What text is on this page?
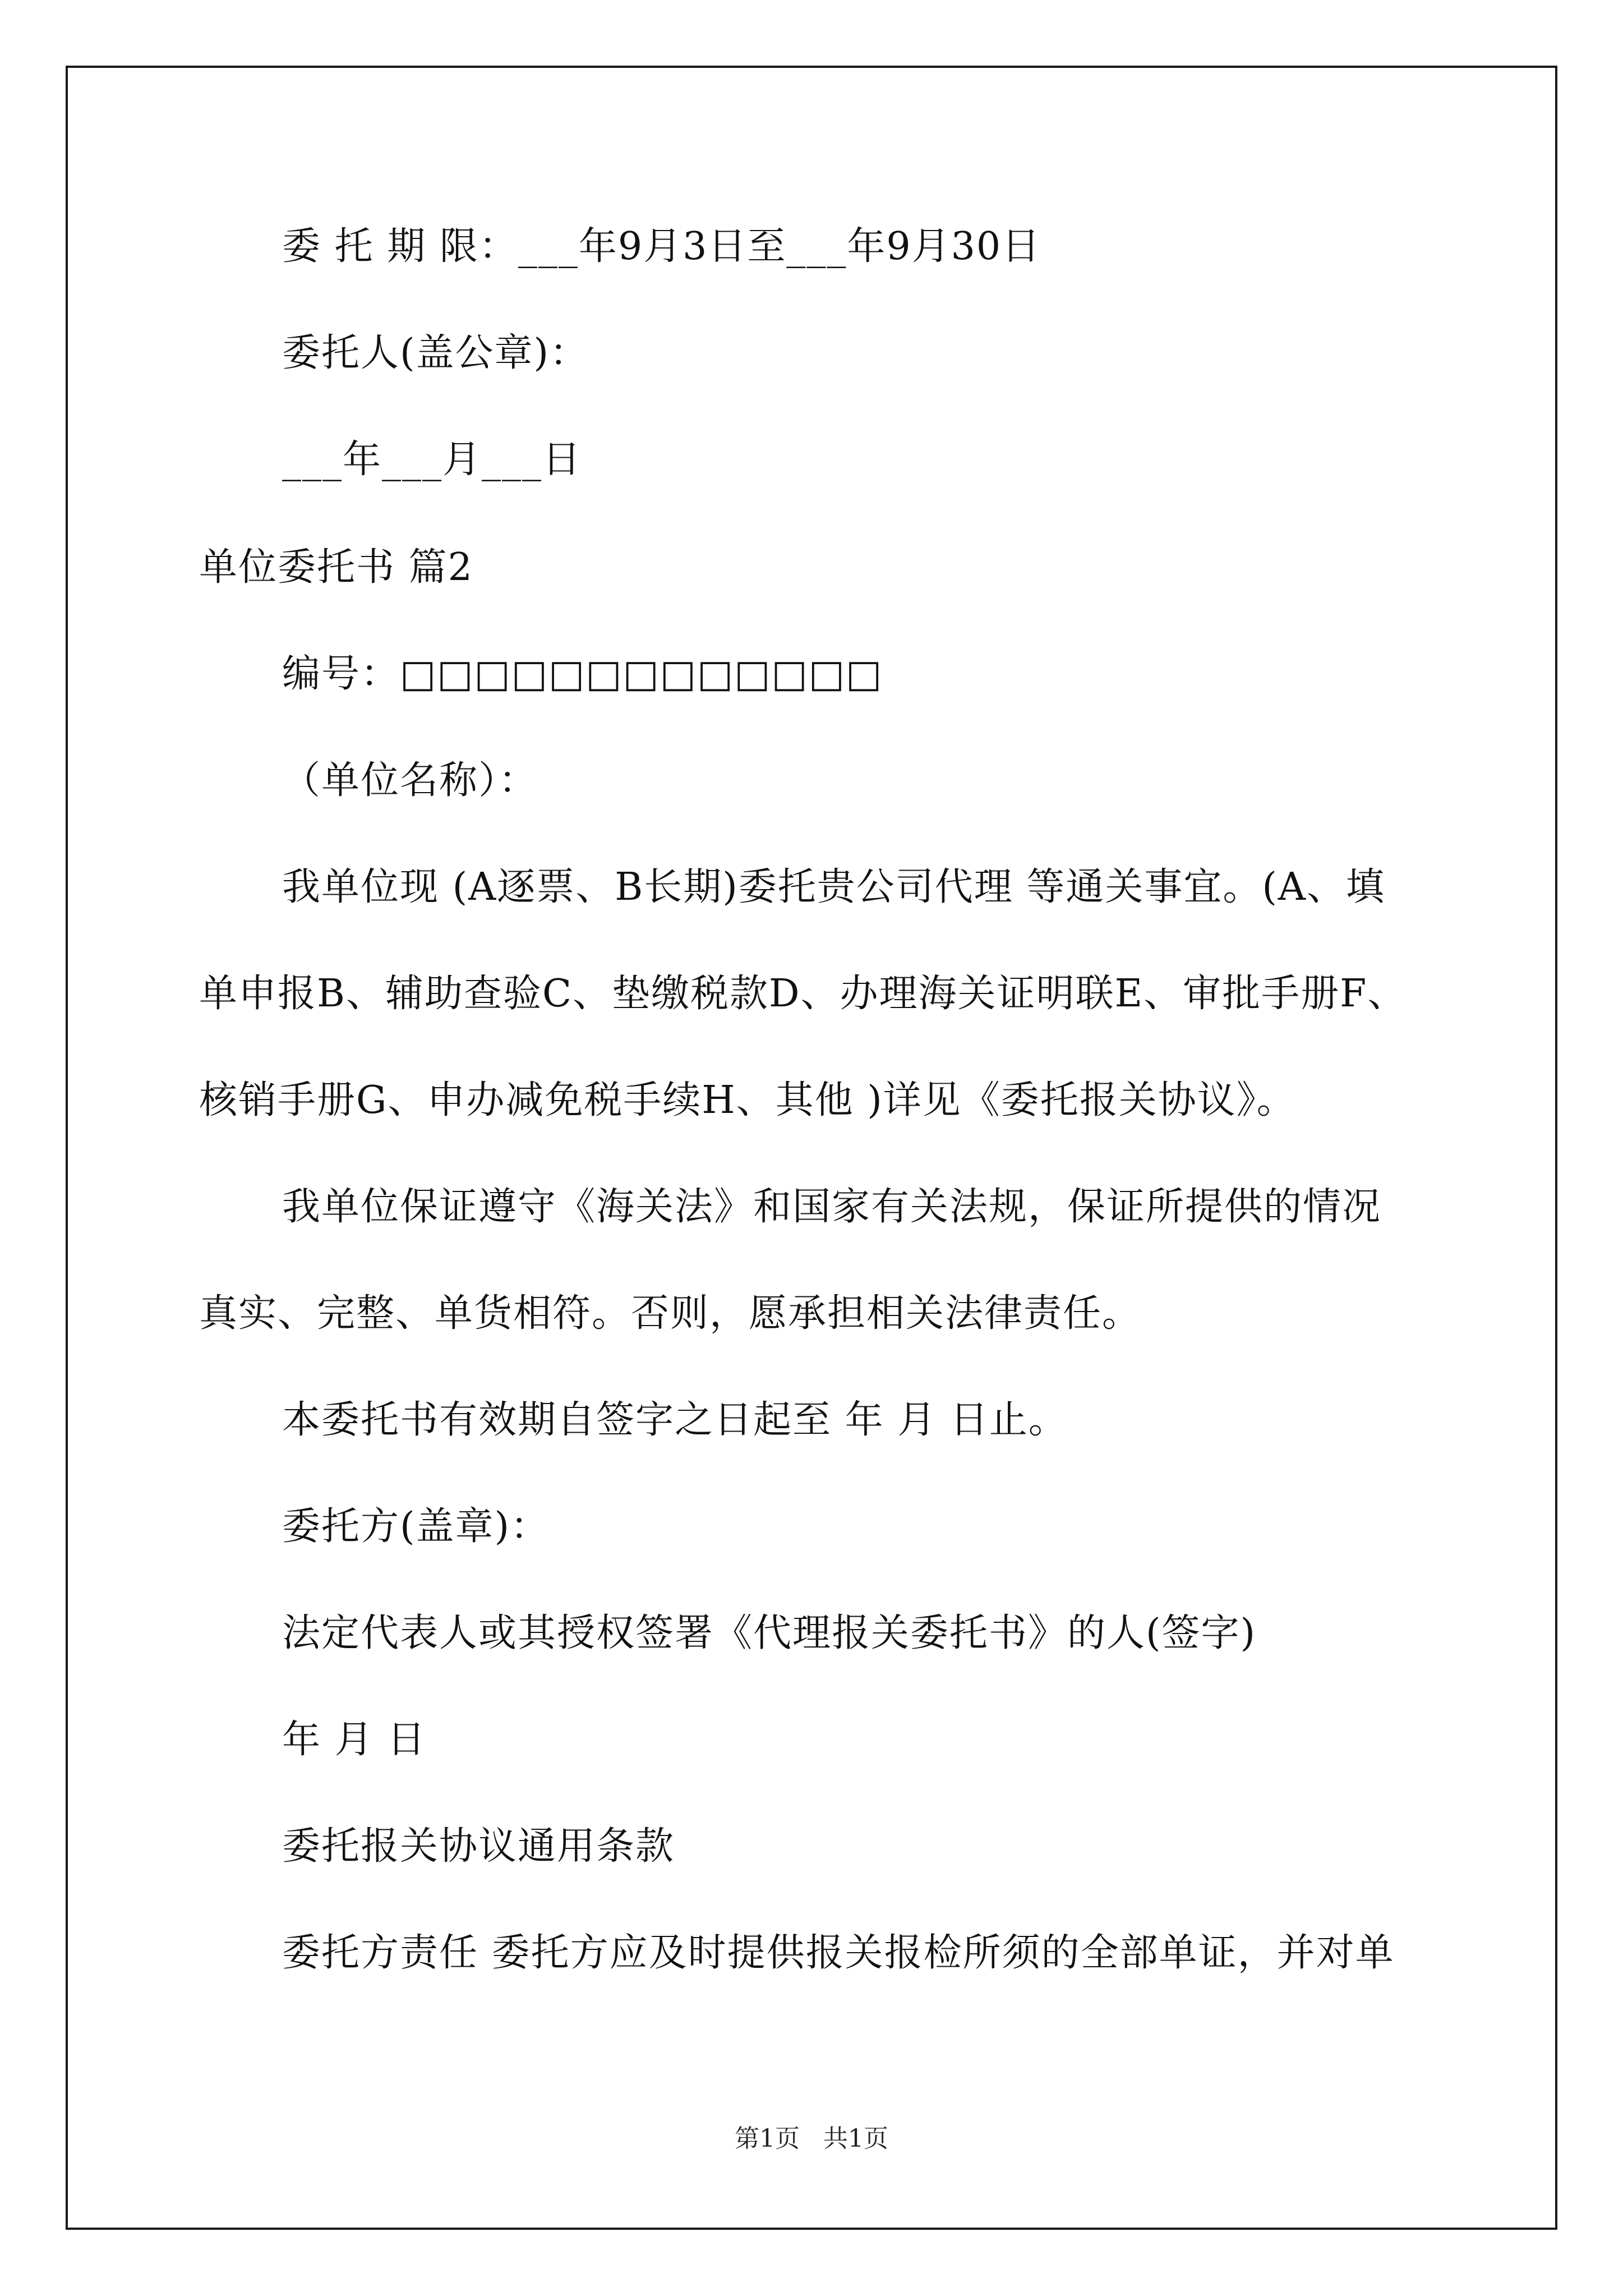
委 托 期 限：___年9月3日至___年9月30日
委托人(盖公章)：
___年___月___日
单位委托书 篇2
编号：□□□□□□□□□□□□□
（单位名称）：
我单位现 (A逐票、B长期)委托贵公司代理 等通关事宜。(A、填
单申报B、辅助查验C、垫缴税款D、办理海关证明联E、审批手册F、
核销手册G、申办减免税手续H、其他 )详见《委托报关协议》。
我单位保证遵守《海关法》和国家有关法规，保证所提供的情况
真实、完整、单货相符。否则，愿承担相关法律责任。
本委托书有效期自签字之日起至 年 月 日止。
委托方(盖章)：
法定代表人或其授权签署《代理报关委托书》的人(签字)
年 月 日
委托报关协议通用条款
委托方责任 委托方应及时提供报关报检所须的全部单证，并对单
第1页   共1页
